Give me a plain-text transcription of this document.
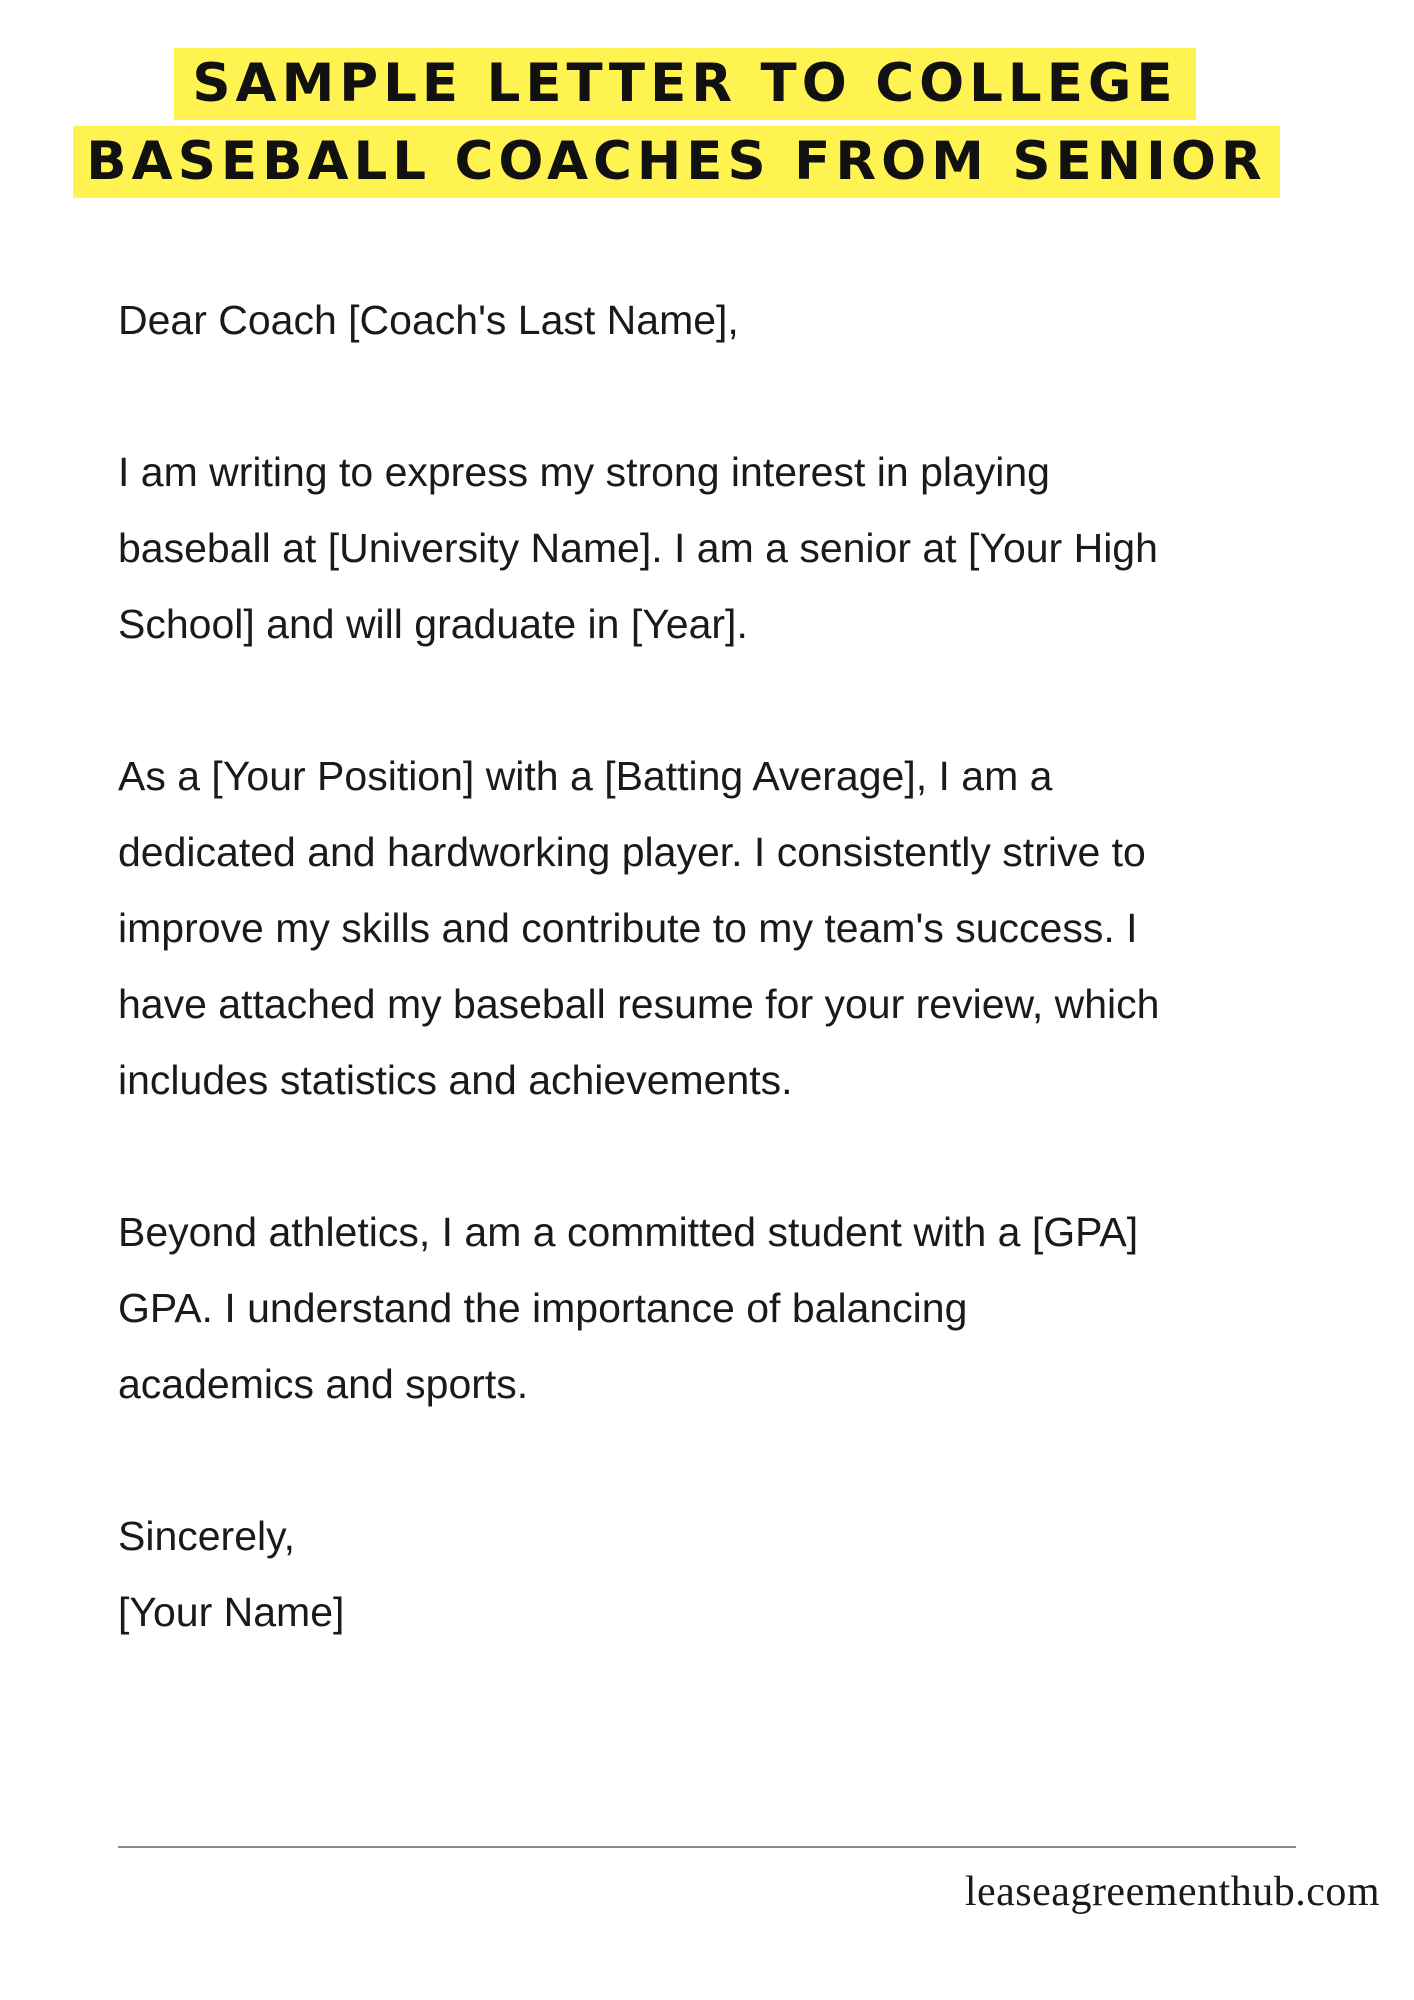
SAMPLE LETTER TO COLLEGE
BASEBALL COACHES FROM SENIOR

Dear Coach [Coach's Last Name],

I am writing to express my strong interest in playing
baseball at [University Name]. I am a senior at [Your High
School] and will graduate in [Year].

As a [Your Position] with a [Batting Average], I am a
dedicated and hardworking player. I consistently strive to
improve my skills and contribute to my team's success. I
have attached my baseball resume for your review, which
includes statistics and achievements.

Beyond athletics, I am a committed student with a [GPA]
GPA. I understand the importance of balancing
academics and sports.

Sincerely,
[Your Name]

leaseagreementhub.com
